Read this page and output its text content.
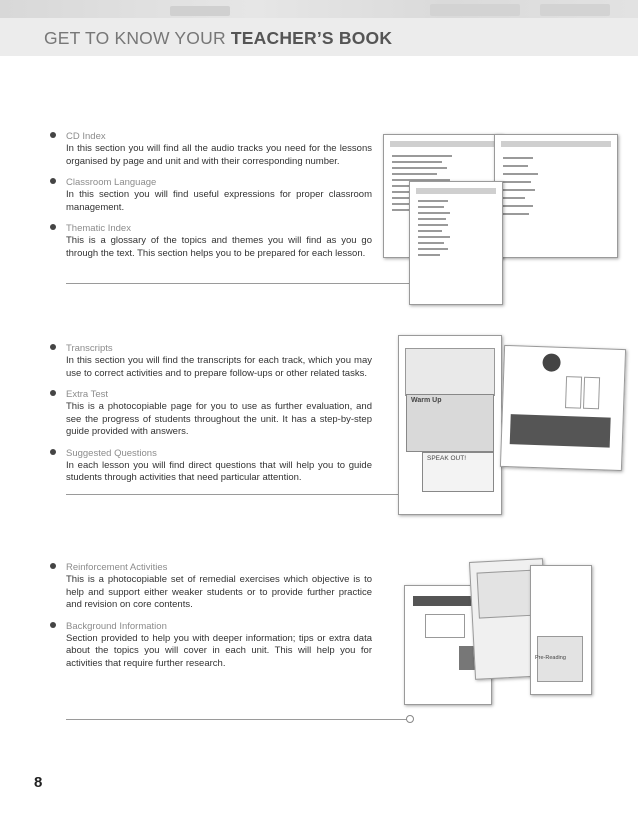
GET TO KNOW YOUR TEACHER’S BOOK
CD Index
In this section you will find all the audio tracks you need for the lessons organised by page and unit and with their corresponding number.
Classroom Language
In this section you will find useful expressions for proper classroom management.
Thematic Index
This is a glossary of the topics and themes you will find as you go through the text. This section helps you to be prepared for each lesson.
Transcripts
In this section you will find the transcripts for each track, which you may use to correct activities and to prepare follow-ups or other related tasks.
Extra Test
This is a photocopiable page for you to use as further evaluation, and see the progress of students throughout the unit. It has a step-by-step guide provided with answers.
Suggested Questions
In each lesson you will find direct questions that will help you to guide students through activities that need particular attention.
Reinforcement Activities
This is a photocopiable set of remedial exercises which objective is to help and support either weaker students or to provide further practice and revision on core contents.
Background Information
Section provided to help you with deeper information; tips or extra data about the topics you will cover in each unit. This will help you for activities that require further research.
Warm Up
SPEAK OUT!
Pre-Reading
8
